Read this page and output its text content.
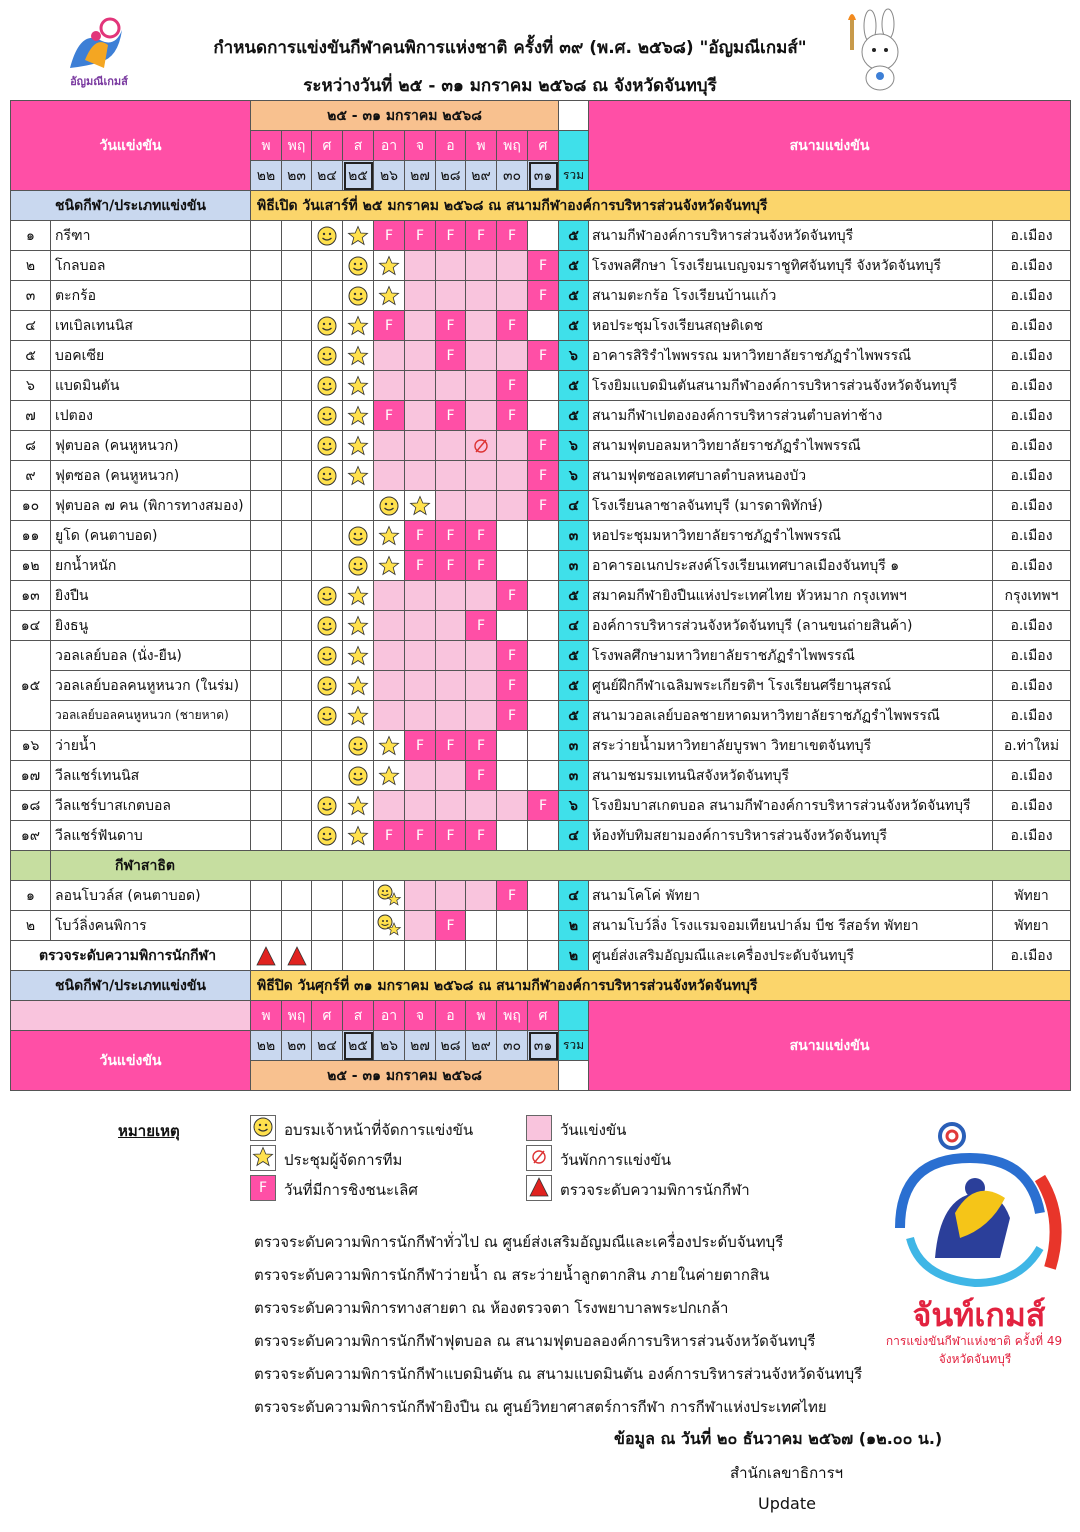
อัญมณีเกมส์
กำหนดการแข่งขันกีฬาคนพิการแห่งชาติ ครั้งที่ ๓๙ (พ.ศ. ๒๕๖๘) "อัญมณีเกมส์"
ระหว่างวันที่ ๒๕ - ๓๑ มกราคม ๒๕๖๘ ณ จังหวัดจันทบุรี
วันแข่งขัน		๒๕ - ๓๑ มกราคม ๒๕๖๘											สนามแข่งขัน	
		พ	พฤ	ศ	ส	อา	จ	อ	พ	พฤ	ศ			
		๒๒	๒๓	๒๔	๒๕	๒๖	๒๗	๒๘	๒๙	๓๐	๓๑	รวม		
ชนิดกีฬา/ประเภทแข่งขัน		พิธีเปิด วันเสาร์ที่ ๒๕ มกราคม ๒๕๖๘ ณ สนามกีฬาองค์การบริหารส่วนจังหวัดจันทบุรี												
๑	กรีฑา					F	F	F	F	F		๕	สนามกีฬาองค์การบริหารส่วนจังหวัดจันทบุรี	อ.เมือง
๒	โกลบอล										F	๕	โรงพลศึกษา โรงเรียนเบญจมราชูทิศจันทบุรี จังหวัดจันทบุรี	อ.เมือง
๓	ตะกร้อ										F	๕	สนามตะกร้อ โรงเรียนบ้านแก้ว	อ.เมือง
๔	เทเบิลเทนนิส					F		F		F		๕	หอประชุมโรงเรียนสฤษดิเดช	อ.เมือง
๕	บอคเซีย							F			F	๖	อาคารสิริรำไพพรรณ มหาวิทยาลัยราชภัฏรำไพพรรณี	อ.เมือง
๖	แบดมินตัน									F		๕	โรงยิมแบดมินตันสนามกีฬาองค์การบริหารส่วนจังหวัดจันทบุรี	อ.เมือง
๗	เปตอง					F		F		F		๕	สนามกีฬาเปตององค์การบริหารส่วนตำบลท่าช้าง	อ.เมือง
๘	ฟุตบอล (คนหูหนวก)										F	๖	สนามฟุตบอลมหาวิทยาลัยราชภัฏรำไพพรรณี	อ.เมือง
๙	ฟุตซอล (คนหูหนวก)										F	๖	สนามฟุตซอลเทศบาลตำบลหนองบัว	อ.เมือง
๑๐	ฟุตบอล ๗ คน (พิการทางสมอง)										F	๔	โรงเรียนลาซาลจันทบุรี (มารดาพิทักษ์)	อ.เมือง
๑๑	ยูโด (คนตาบอด)						F	F	F			๓	หอประชุมมหาวิทยาลัยราชภัฏรำไพพรรณี	อ.เมือง
๑๒	ยกน้ำหนัก						F	F	F			๓	อาคารอเนกประสงค์โรงเรียนเทศบาลเมืองจันทบุรี ๑	อ.เมือง
๑๓	ยิงปืน									F		๕	สมาคมกีฬายิงปืนแห่งประเทศไทย หัวหมาก กรุงเทพฯ	กรุงเทพฯ
๑๔	ยิงธนู								F			๔	องค์การบริหารส่วนจังหวัดจันทบุรี (ลานขนถ่ายสินค้า)	อ.เมือง
๑๕	วอลเลย์บอล (นั่ง-ยืน)									F		๕	โรงพลศึกษามหาวิทยาลัยราชภัฏรำไพพรรณี	อ.เมือง
	วอลเลย์บอลคนหูหนวก (ในร่ม)									F		๕	ศูนย์ฝึกกีฬาเฉลิมพระเกียรติฯ โรงเรียนศรียานุสรณ์	อ.เมือง
	วอลเลย์บอลคนหูหนวก (ชายหาด)									F		๕	สนามวอลเลย์บอลชายหาดมหาวิทยาลัยราชภัฏรำไพพรรณี	อ.เมือง
๑๖	ว่ายน้ำ						F	F	F			๓	สระว่ายน้ำมหาวิทยาลัยบูรพา วิทยาเขตจันทบุรี	อ.ท่าใหม่
๑๗	วีลแชร์เทนนิส								F			๓	สนามชมรมเทนนิสจังหวัดจันทบุรี	อ.เมือง
๑๘	วีลแชร์บาสเกตบอล										F	๖	โรงยิมบาสเกตบอล สนามกีฬาองค์การบริหารส่วนจังหวัดจันทบุรี	อ.เมือง
๑๙	วีลแชร์ฟันดาบ					F	F	F	F			๔	ห้องทับทิมสยามองค์การบริหารส่วนจังหวัดจันทบุรี	อ.เมือง
	กีฬาสาธิต													
๑	ลอนโบวล์ส (คนตาบอด)									F		๔	สนามโคโค่ พัทยา	พัทยา
๒	โบว์ลิ่งคนพิการ							F				๒	สนามโบว์ลิ่ง โรงแรมจอมเทียนปาล์ม บีช รีสอร์ท พัทยา	พัทยา
ตรวจระดับความพิการนักกีฬา												๒	ศูนย์ส่งเสริมอัญมณีและเครื่องประดับจันทบุรี	อ.เมือง
ชนิดกีฬา/ประเภทแข่งขัน		พิธีปิด วันศุกร์ที่ ๓๑ มกราคม ๒๕๖๘ ณ สนามกีฬาองค์การบริหารส่วนจังหวัดจันทบุรี												
		พ	พฤ	ศ	ส	อา	จ	อ	พ	พฤ	ศ		สนามแข่งขัน	
วันแข่งขัน		๒๒	๒๓	๒๔	๒๕	๒๖	๒๗	๒๘	๒๙	๓๐	๓๑	รวม		
		๒๕ - ๓๑ มกราคม ๒๕๖๘												
หมายเหตุ	อบรมเจ้าหน้าที่จัดการแข่งขัน
ประชุมผู้จัดการทีม
F	วันที่มีการชิงชนะเลิศ
วันแข่งขัน
วันพักการแข่งขัน
ตรวจระดับความพิการนักกีฬา
ตรวจระดับความพิการนักกีฬาทั่วไป ณ ศูนย์ส่งเสริมอัญมณีและเครื่องประดับจันทบุรี
ตรวจระดับความพิการนักกีฬาว่ายน้ำ ณ สระว่ายน้ำลูกตากสิน ภายในค่ายตากสิน
ตรวจระดับความพิการทางสายตา ณ ห้องตรวจตา โรงพยาบาลพระปกเกล้า
ตรวจระดับความพิการนักกีฬาฟุตบอล ณ สนามฟุตบอลองค์การบริหารส่วนจังหวัดจันทบุรี
ตรวจระดับความพิการนักกีฬาแบดมินตัน ณ สนามแบดมินตัน องค์การบริหารส่วนจังหวัดจันทบุรี
ตรวจระดับความพิการนักกีฬายิงปืน ณ ศูนย์วิทยาศาสตร์การกีฬา การกีฬาแห่งประเทศไทย
ข้อมูล ณ วันที่ ๒๐ ธันวาคม ๒๕๖๗ (๑๒.๐๐ น.)
สำนักเลขาธิการฯ
Update
จันท์เกมส์
การแข่งขันกีฬาแห่งชาติ ครั้งที่ 49
จังหวัดจันทบุรี
